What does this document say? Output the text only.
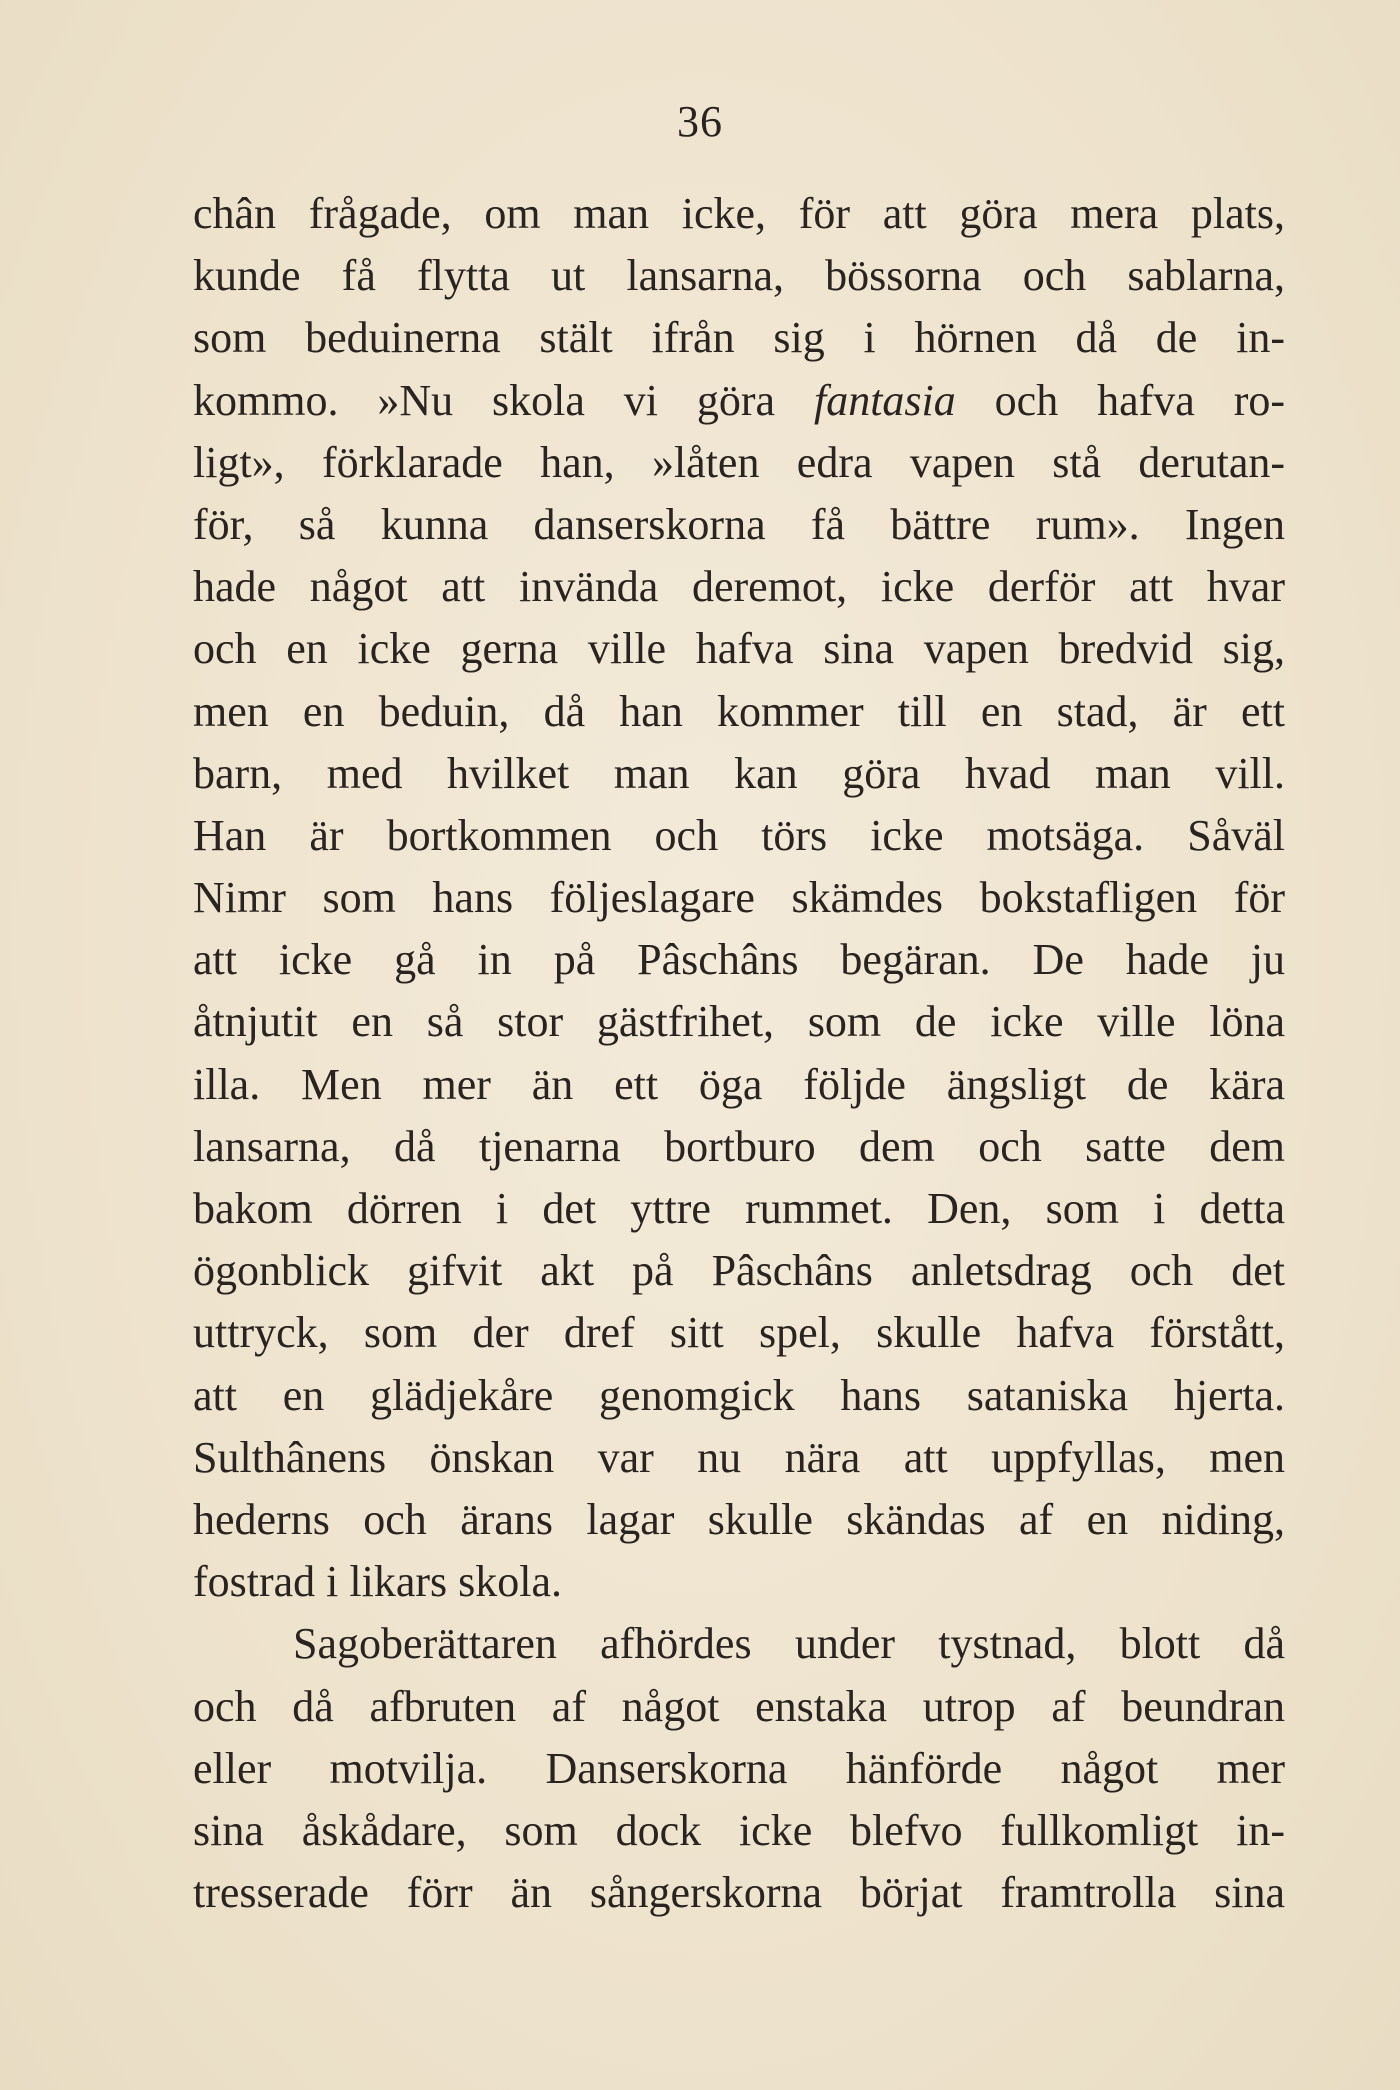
36
chân frågade, om man icke, för att göra mera plats,
kunde få flytta ut lansarna, bössorna och sablarna,
som beduinerna stält ifrån sig i hörnen då de in-
kommo. »Nu skola vi göra fantasia och hafva ro-
ligt», förklarade han, »låten edra vapen stå derutan-
för, så kunna danserskorna få bättre rum». Ingen
hade något att invända deremot, icke derför att hvar
och en icke gerna ville hafva sina vapen bredvid sig,
men en beduin, då han kommer till en stad, är ett
barn, med hvilket man kan göra hvad man vill.
Han är bortkommen och törs icke motsäga. Såväl
Nimr som hans följeslagare skämdes bokstafligen för
att icke gå in på Pâschâns begäran. De hade ju
åtnjutit en så stor gästfrihet, som de icke ville löna
illa. Men mer än ett öga följde ängsligt de kära
lansarna, då tjenarna bortburo dem och satte dem
bakom dörren i det yttre rummet. Den, som i detta
ögonblick gifvit akt på Pâschâns anletsdrag och det
uttryck, som der dref sitt spel, skulle hafva förstått,
att en glädjekåre genomgick hans sataniska hjerta.
Sulthânens önskan var nu nära att uppfyllas, men
hederns och ärans lagar skulle skändas af en niding,
fostrad i likars skola.
Sagoberättaren afhördes under tystnad, blott då
och då afbruten af något enstaka utrop af beundran
eller motvilja. Danserskorna hänförde något mer
sina åskådare, som dock icke blefvo fullkomligt in-
tresserade förr än sångerskorna börjat framtrolla sina
